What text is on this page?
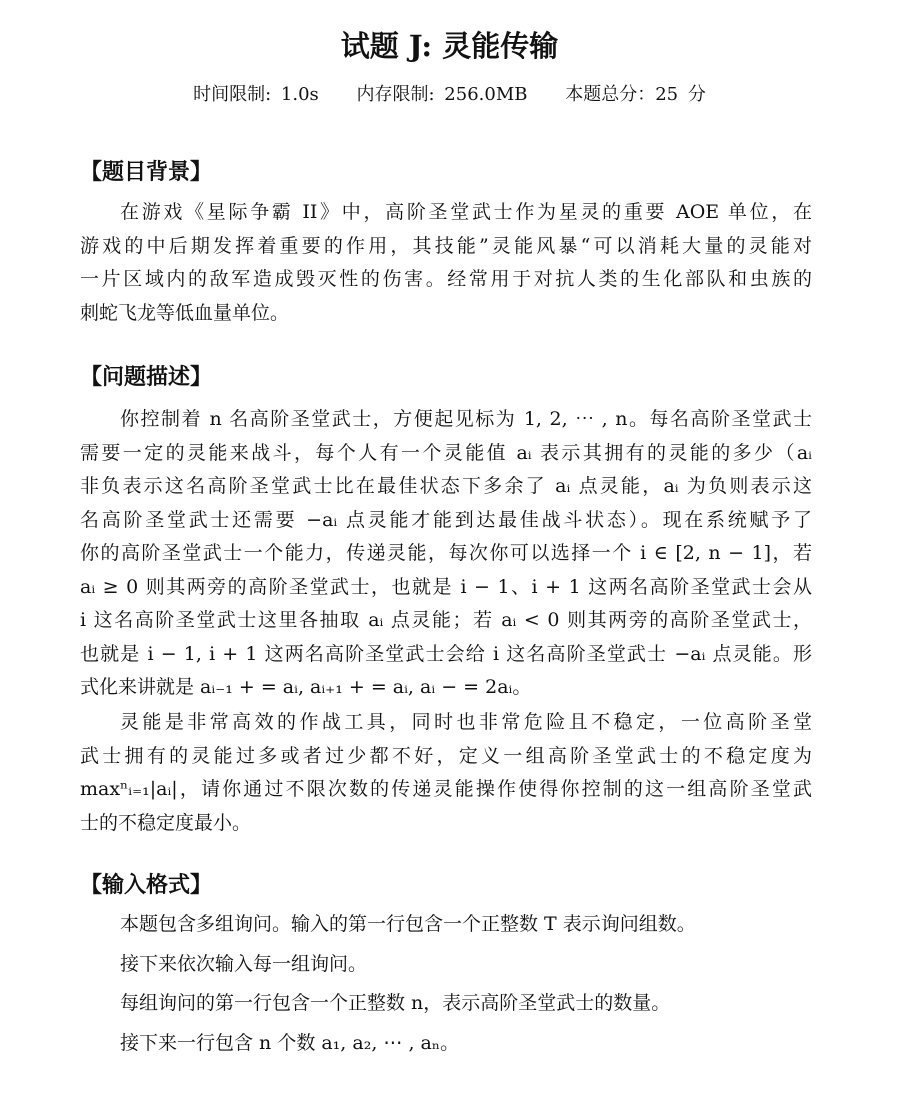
试题 J: 灵能传输
时间限制: 1.0s 内存限制: 256.0MB 本题总分：25 分
【题目背景】
在游戏《星际争霸 II》中，高阶圣堂武士作为星灵的重要 AOE 单位，在
游戏的中后期发挥着重要的作用，其技能”灵能风暴“可以消耗大量的灵能对
一片区域内的敌军造成毁灭性的伤害。经常用于对抗人类的生化部队和虫族的
刺蛇飞龙等低血量单位。
【问题描述】
你控制着 n 名高阶圣堂武士，方便起见标为 1, 2, ⋯ , n。每名高阶圣堂武士
需要一定的灵能来战斗，每个人有一个灵能值 aᵢ 表示其拥有的灵能的多少（aᵢ
非负表示这名高阶圣堂武士比在最佳状态下多余了 aᵢ 点灵能，aᵢ 为负则表示这
名高阶圣堂武士还需要 −aᵢ 点灵能才能到达最佳战斗状态）。现在系统赋予了
你的高阶圣堂武士一个能力，传递灵能，每次你可以选择一个 i ∈ [2, n − 1]，若
aᵢ ≥ 0 则其两旁的高阶圣堂武士，也就是 i − 1、i + 1 这两名高阶圣堂武士会从
i 这名高阶圣堂武士这里各抽取 aᵢ 点灵能；若 aᵢ < 0 则其两旁的高阶圣堂武士，
也就是 i − 1, i + 1 这两名高阶圣堂武士会给 i 这名高阶圣堂武士 −aᵢ 点灵能。形
式化来讲就是 aᵢ₋₁ + = aᵢ, aᵢ₊₁ + = aᵢ, aᵢ − = 2aᵢ。
灵能是非常高效的作战工具，同时也非常危险且不稳定，一位高阶圣堂
武士拥有的灵能过多或者过少都不好，定义一组高阶圣堂武士的不稳定度为
maxⁿᵢ₌₁|aᵢ|，请你通过不限次数的传递灵能操作使得你控制的这一组高阶圣堂武
士的不稳定度最小。
【输入格式】
本题包含多组询问。输入的第一行包含一个正整数 T 表示询问组数。
接下来依次输入每一组询问。
每组询问的第一行包含一个正整数 n，表示高阶圣堂武士的数量。
接下来一行包含 n 个数 a₁, a₂, ⋯ , aₙ。
